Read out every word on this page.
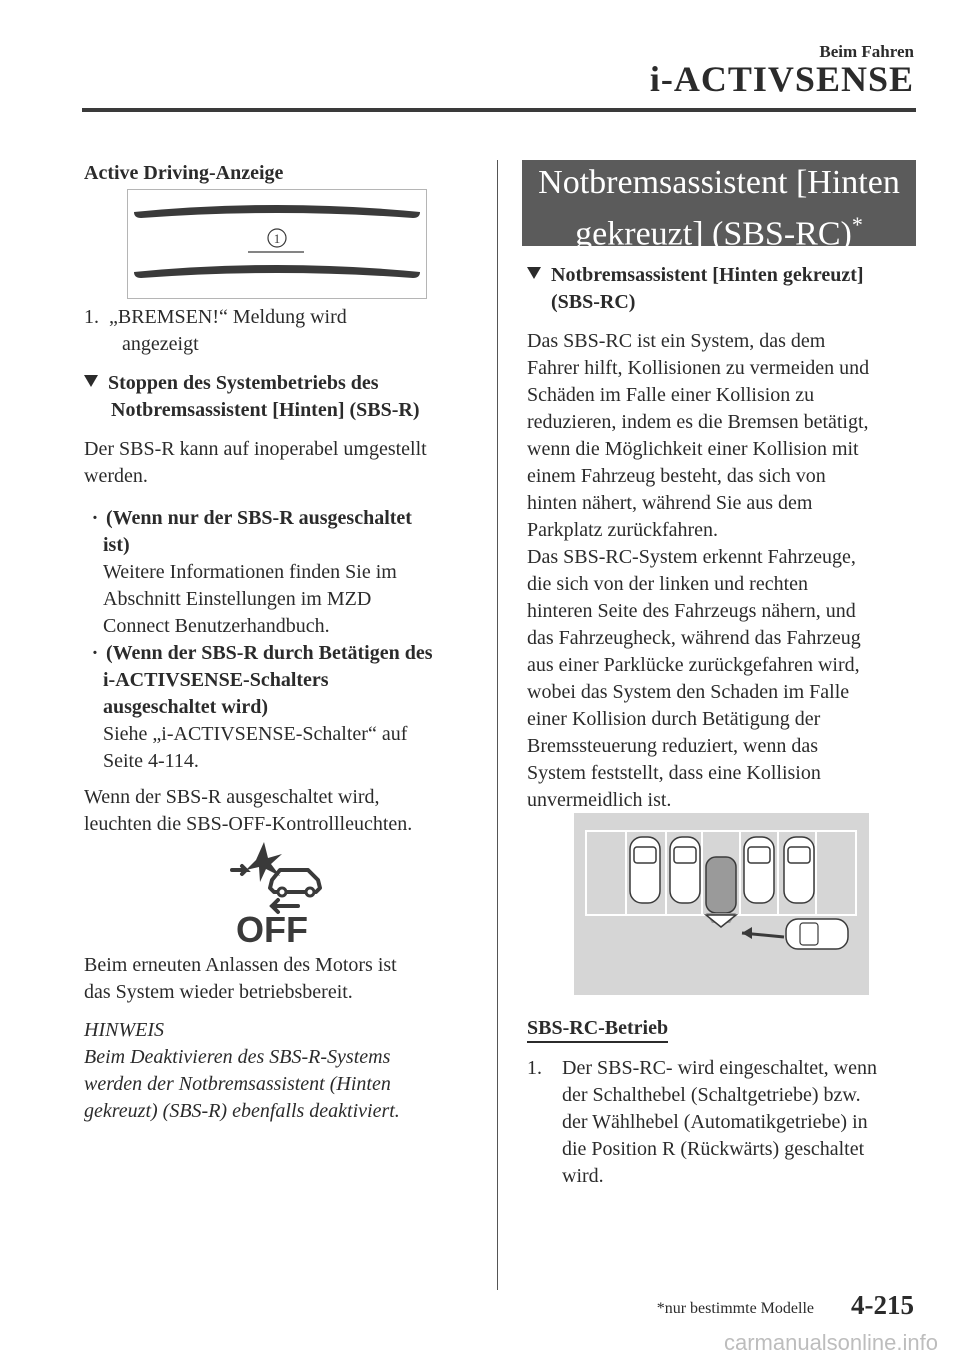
Beim Fahren
i-ACTIVSENSE
Active Driving-Anzeige
1
1. „BREMSEN!“ Meldung wird
angezeigt
Stoppen des Systembetriebs des
Notbremsassistent [Hinten] (SBS-R)
Der SBS-R kann auf inoperabel umgestellt
werden.
· (Wenn nur der SBS-R ausgeschaltet
ist)
Weitere Informationen finden Sie im
Abschnitt Einstellungen im MZD
Connect Benutzerhandbuch.
· (Wenn der SBS-R durch Betätigen des
i-ACTIVSENSE-Schalters
ausgeschaltet wird)
Siehe „i-ACTIVSENSE-Schalter“ auf
Seite 4-114.
Wenn der SBS-R ausgeschaltet wird,
leuchten die SBS-OFF-Kontrollleuchten.
OFF
Beim erneuten Anlassen des Motors ist
das System wieder betriebsbereit.
HINWEIS
Beim Deaktivieren des SBS-R-Systems
werden der Notbremsassistent (Hinten
gekreuzt) (SBS-R) ebenfalls deaktiviert.
Notbremsassistent [Hinten
gekreuzt] (SBS-RC)*
Notbremsassistent [Hinten gekreuzt]
(SBS-RC)
Das SBS-RC ist ein System, das dem
Fahrer hilft, Kollisionen zu vermeiden und
Schäden im Falle einer Kollision zu
reduzieren, indem es die Bremsen betätigt,
wenn die Möglichkeit einer Kollision mit
einem Fahrzeug besteht, das sich von
hinten nähert, während Sie aus dem
Parkplatz zurückfahren.
Das SBS-RC-System erkennt Fahrzeuge,
die sich von der linken und rechten
hinteren Seite des Fahrzeugs nähern, und
das Fahrzeugheck, während das Fahrzeug
aus einer Parklücke zurückgefahren wird,
wobei das System den Schaden im Falle
einer Kollision durch Betätigung der
Bremssteuerung reduziert, wenn das
System feststellt, dass eine Kollision
unvermeidlich ist.
SBS-RC-Betrieb
1.	Der SBS-RC- wird eingeschaltet, wenn
der Schalthebel (Schaltgetriebe) bzw.
der Wählhebel (Automatikgetriebe) in
die Position R (Rückwärts) geschaltet
wird.
*nur bestimmte Modelle 4-215
carmanualsonline.info
